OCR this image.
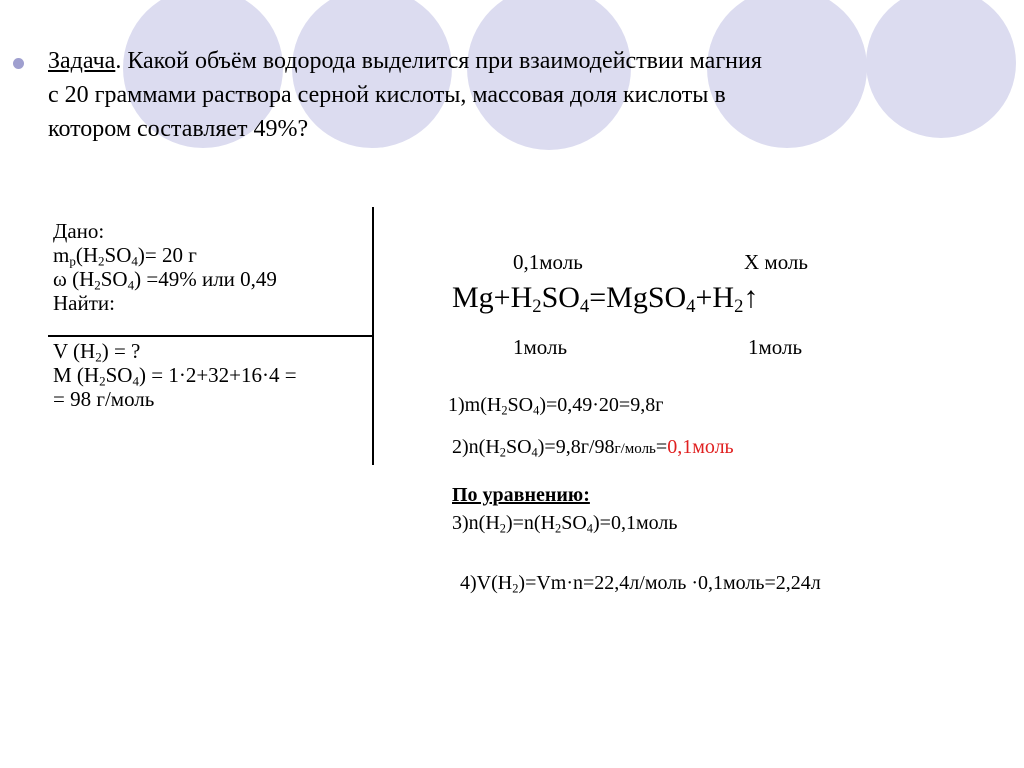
Задача. Какой объём водорода выделится при взаимодействии магния
с 20 граммами раствора серной кислоты, массовая доля кислоты в
котором составляет 49%?
Дано:
$m_р(H_2SO_4)= 20$ г
ω $(H_2SO_4) =49\%$ или 0,49
Найти:
V $(H_2)$ = ?
M $(H_2SO_4) = 1\cdot 2+32+16\cdot 4$ =
= 98 г/моль
0,1моль	X моль
$Mg+H_2SO_4=MgSO_4+H_2↑$
1моль	1моль
$1)m(H_2SO_4)=0,49\cdot 20=9,8г$
$2)n(H_2SO_4)=9,8г/98г/моль=0,1моль$
По уравнению:
$3)n(H_2)=n(H_2SO_4)=0,1моль$
$4)V(H_2)=Vm\cdot n=22,4л$/моль ·0,1моль=2,24л
